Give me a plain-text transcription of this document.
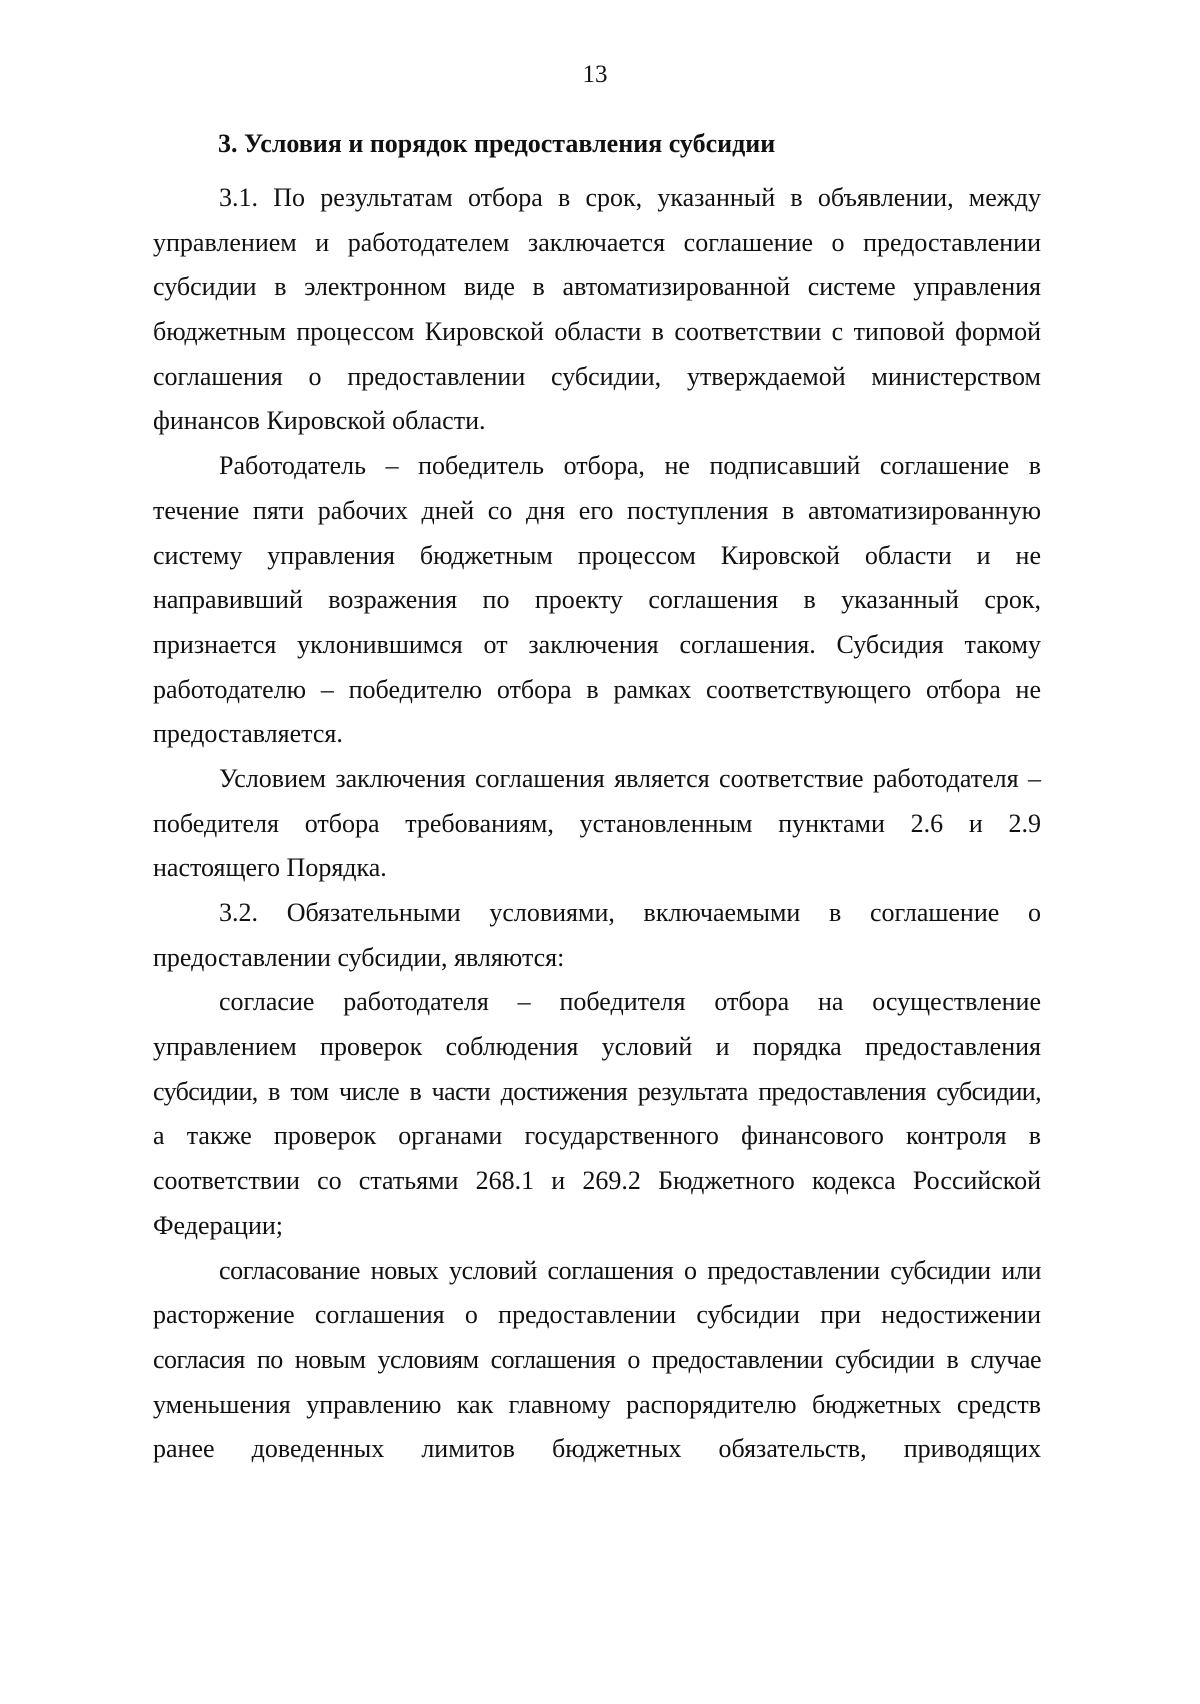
13
3. Условия и порядок предоставления субсидии
3.1. По результатам отбора в срок, указанный в объявлении, между
управлением и работодателем заключается соглашение о предоставлении
субсидии в электронном виде в автоматизированной системе управления
бюджетным процессом Кировской области в соответствии с типовой формой
соглашения о предоставлении субсидии, утверждаемой министерством
финансов Кировской области.
Работодатель – победитель отбора, не подписавший соглашение в
течение пяти рабочих дней со дня его поступления в автоматизированную
систему управления бюджетным процессом Кировской области и не
направивший возражения по проекту соглашения в указанный срок,
признается уклонившимся от заключения соглашения. Субсидия такому
работодателю – победителю отбора в рамках соответствующего отбора не
предоставляется.
Условием заключения соглашения является соответствие работодателя –
победителя отбора требованиям, установленным пунктами 2.6 и 2.9
настоящего Порядка.
3.2. Обязательными условиями, включаемыми в соглашение о
предоставлении субсидии, являются:
согласие работодателя – победителя отбора на осуществление
управлением проверок соблюдения условий и порядка предоставления
субсидии, в том числе в части достижения результата предоставления субсидии,
а также проверок органами государственного финансового контроля в
соответствии со статьями 268.1 и 269.2 Бюджетного кодекса Российской
Федерации;
согласование новых условий соглашения о предоставлении субсидии или
расторжение соглашения о предоставлении субсидии при недостижении
согласия по новым условиям соглашения о предоставлении субсидии в случае
уменьшения управлению как главному распорядителю бюджетных средств
ранее доведенных лимитов бюджетных обязательств, приводящих
